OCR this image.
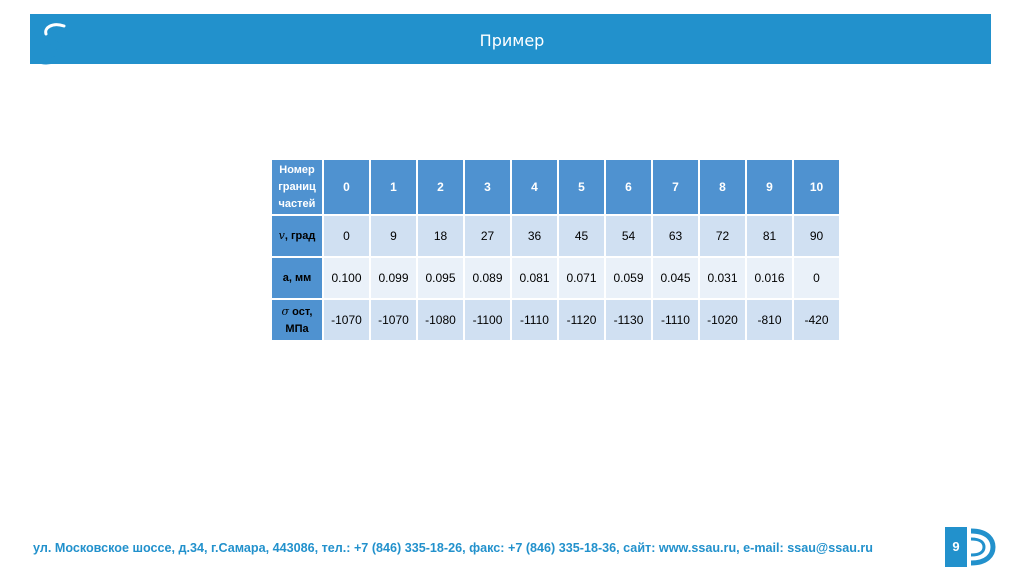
Пример
Номер границ частей	0	1	2	3	4	5	6	7	8	9	10
v, град	0	9	18	27	36	45	54	63	72	81	90
a, мм	0.100	0.099	0.095	0.089	0.081	0.071	0.059	0.045	0.031	0.016	0
σ ост, МПа	-1070	-1070	-1080	-1100	-1110	-1120	-1130	-1110	-1020	-810	-420
ул. Московское шоссе, д.34, г.Самара, 443086, тел.: +7 (846) 335-18-26, факс: +7 (846) 335-18-36, сайт: www.ssau.ru, e-mail: ssau@ssau.ru	9
